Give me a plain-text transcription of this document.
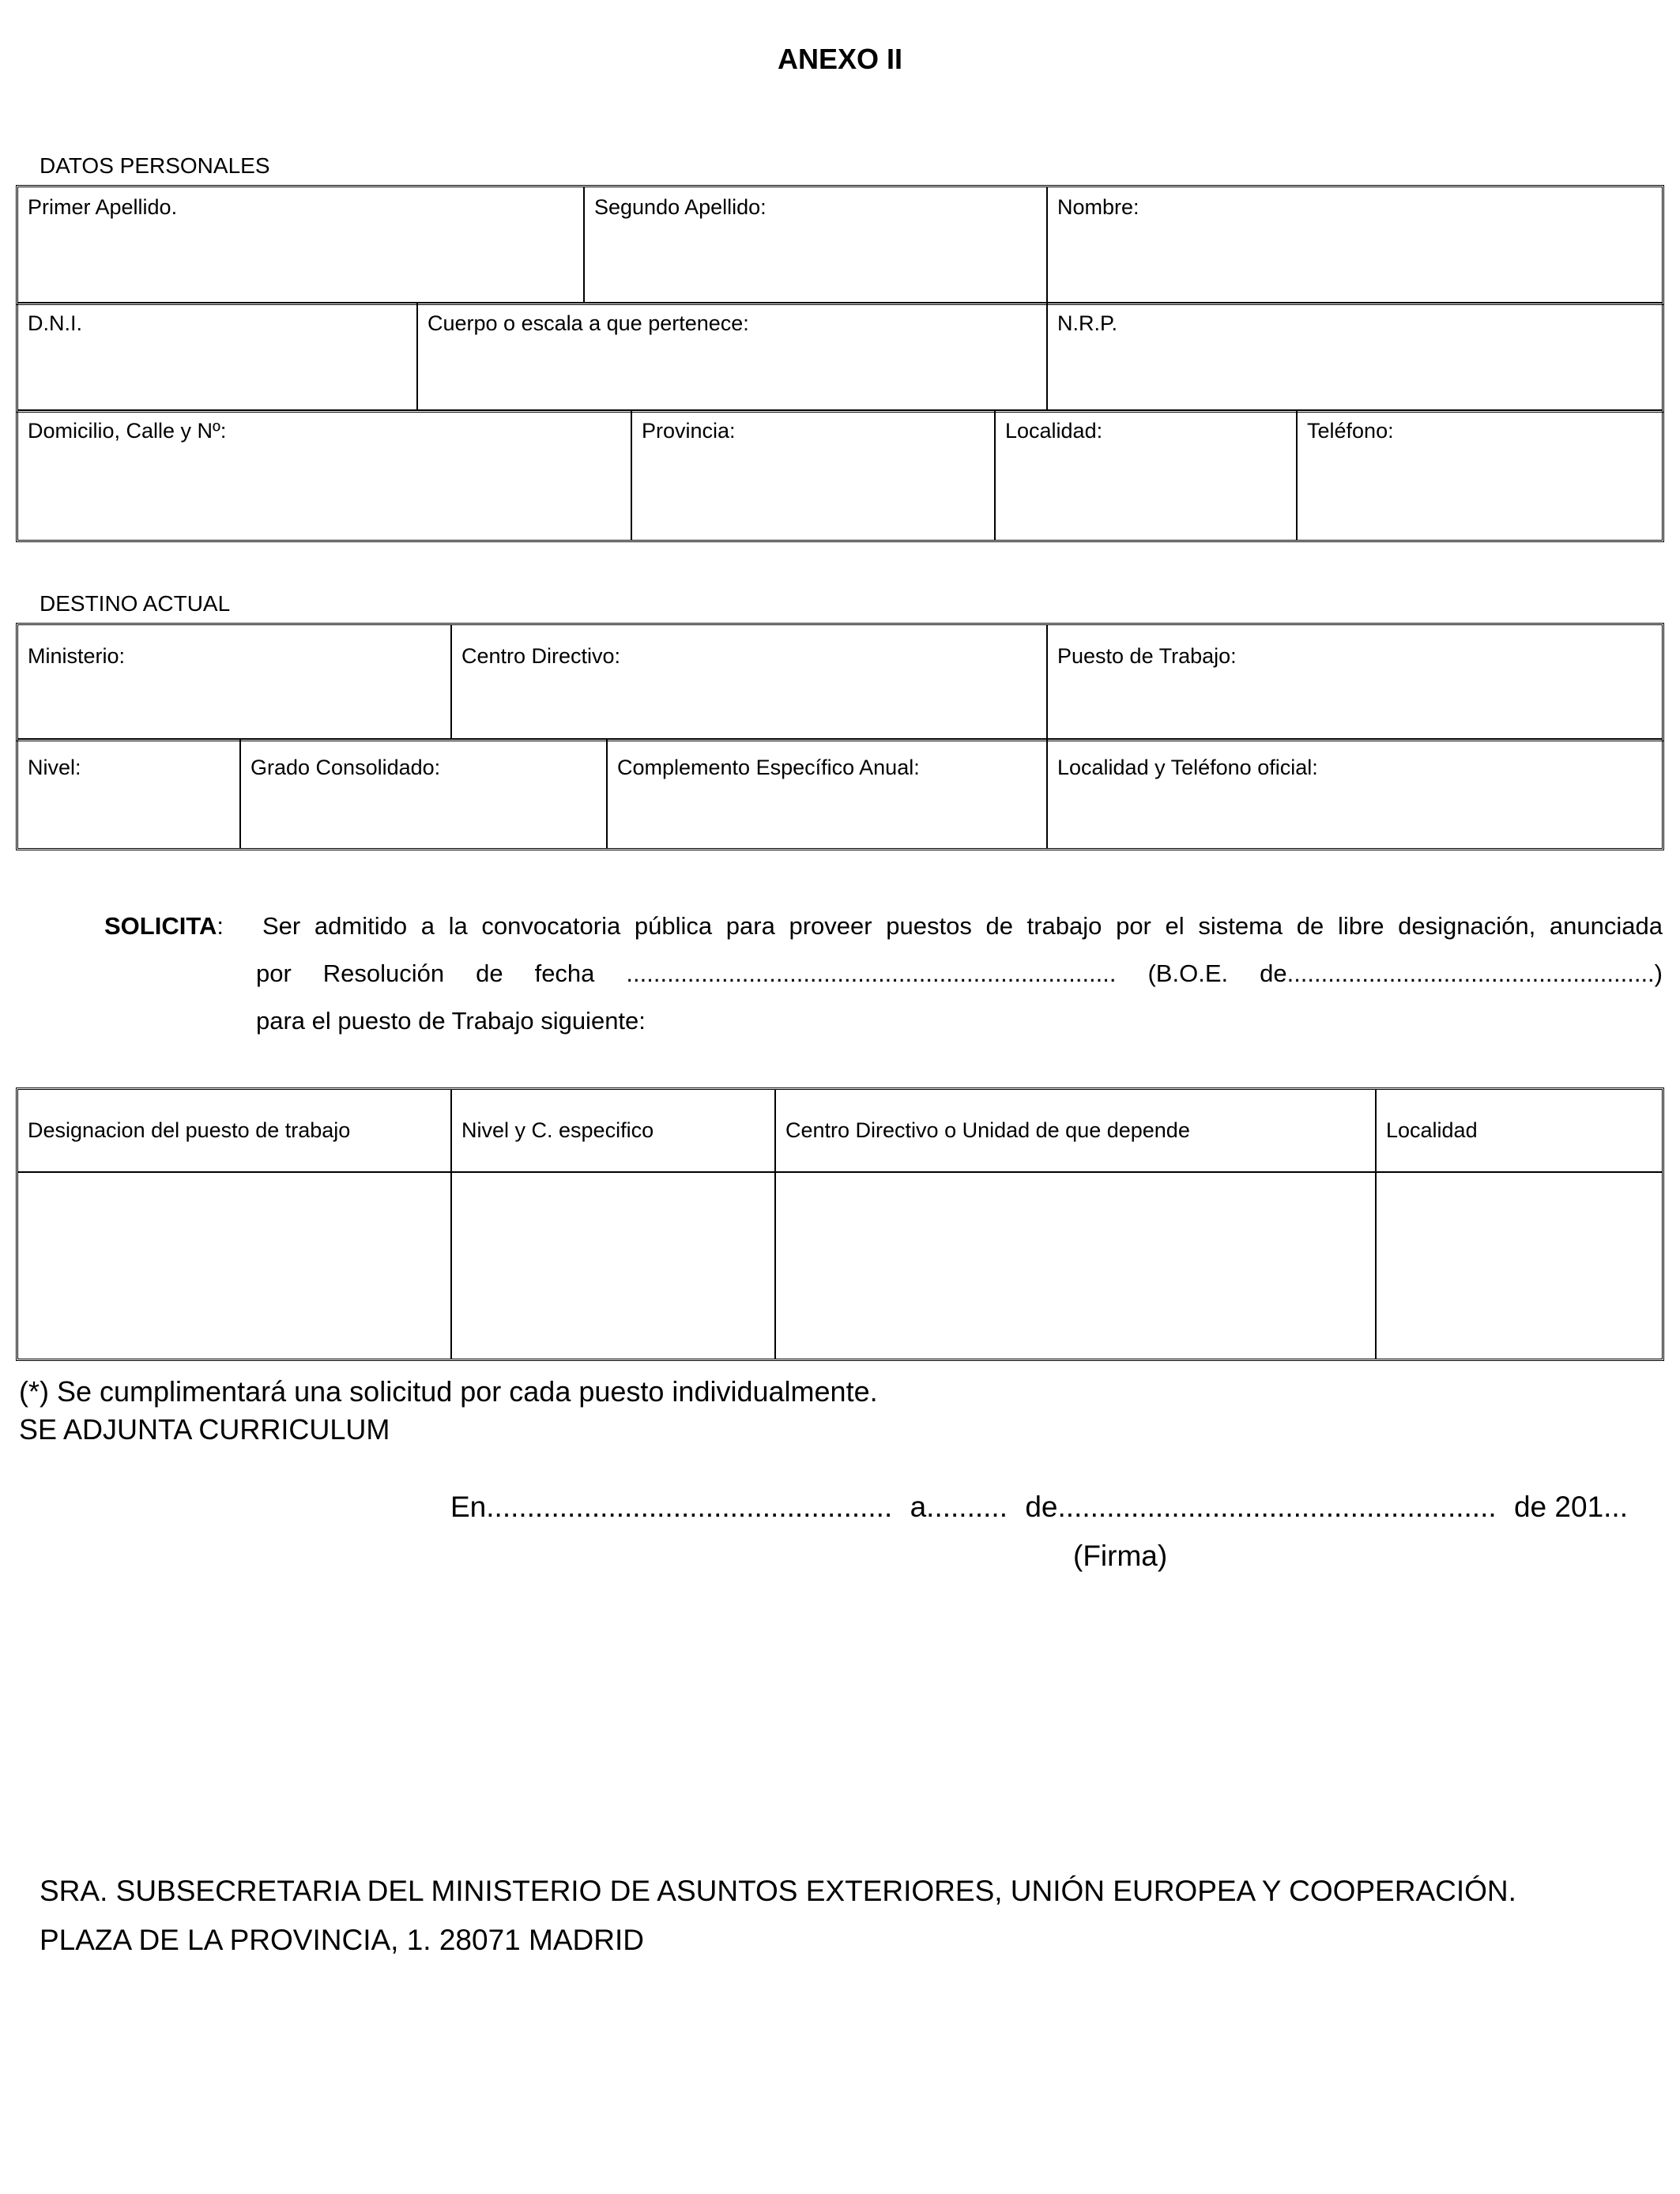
ANEXO II
DATOS PERSONALES
Primer Apellido.	Segundo Apellido:	Nombre:
D.N.I.	Cuerpo o escala a que pertenece:	N.R.P.
Domicilio, Calle y Nº:	Provincia:	Localidad:	Teléfono:
DESTINO ACTUAL
Ministerio:	Centro Directivo:	Puesto de Trabajo:
Nivel:	Grado Consolidado:	Complemento Específico Anual:	Localidad y Teléfono oficial:
SOLICITA: Ser admitido a la convocatoria pública para proveer puestos de trabajo por el sistema de libre designación, anunciada
por Resolución de fecha ........................................................................ (B.O.E. de......................................................)
para el puesto de Trabajo siguiente:
Designacion del puesto de trabajo	Nivel y C. especifico	Centro Directivo o Unidad de que depende	Localidad

(*) Se cumplimentará una solicitud por cada puesto individualmente.
SE ADJUNTA CURRICULUM
En.................................................. a.......... de...................................................... de 201...
(Firma)
SRA. SUBSECRETARIA DEL MINISTERIO DE ASUNTOS EXTERIORES, UNIÓN EUROPEA Y COOPERACIÓN.
PLAZA DE LA PROVINCIA, 1. 28071 MADRID
